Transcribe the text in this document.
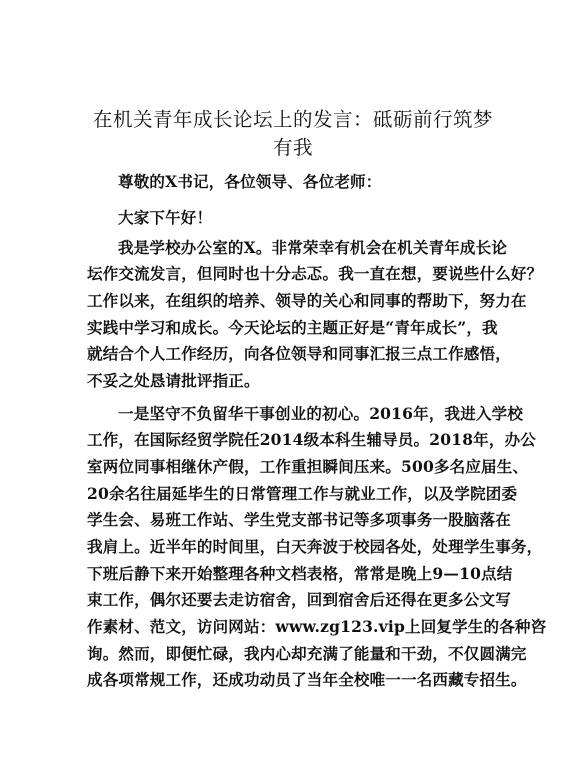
在机关青年成长论坛上的发言：砥砺前行筑梦
有我
尊敬的X书记，各位领导、各位老师：
大家下午好！
我是学校办公室的X。非常荣幸有机会在机关青年成长论
坛作交流发言，但同时也十分忐忑。我一直在想，要说些什么好？
工作以来，在组织的培养、领导的关心和同事的帮助下，努力在
实践中学习和成长。今天论坛的主题正好是“青年成长”，我
就结合个人工作经历，向各位领导和同事汇报三点工作感悟，
不妥之处恳请批评指正。
一是坚守不负留华干事创业的初心。2016年，我进入学校
工作，在国际经贸学院任2014级本科生辅导员。2018年，办公
室两位同事相继休产假，工作重担瞬间压来。500多名应届生、
20余名往届延毕生的日常管理工作与就业工作，以及学院团委
学生会、易班工作站、学生党支部书记等多项事务一股脑落在
我肩上。近半年的时间里，白天奔波于校园各处，处理学生事务，
下班后静下来开始整理各种文档表格，常常是晚上9—10点结
束工作，偶尔还要去走访宿舍，回到宿舍后还得在更多公文写
作素材、范文，访问网站：www.zg123.vip上回复学生的各种咨
询。然而，即便忙碌，我内心却充满了能量和干劲，不仅圆满完
成各项常规工作，还成功动员了当年全校唯一一名西藏专招生。
